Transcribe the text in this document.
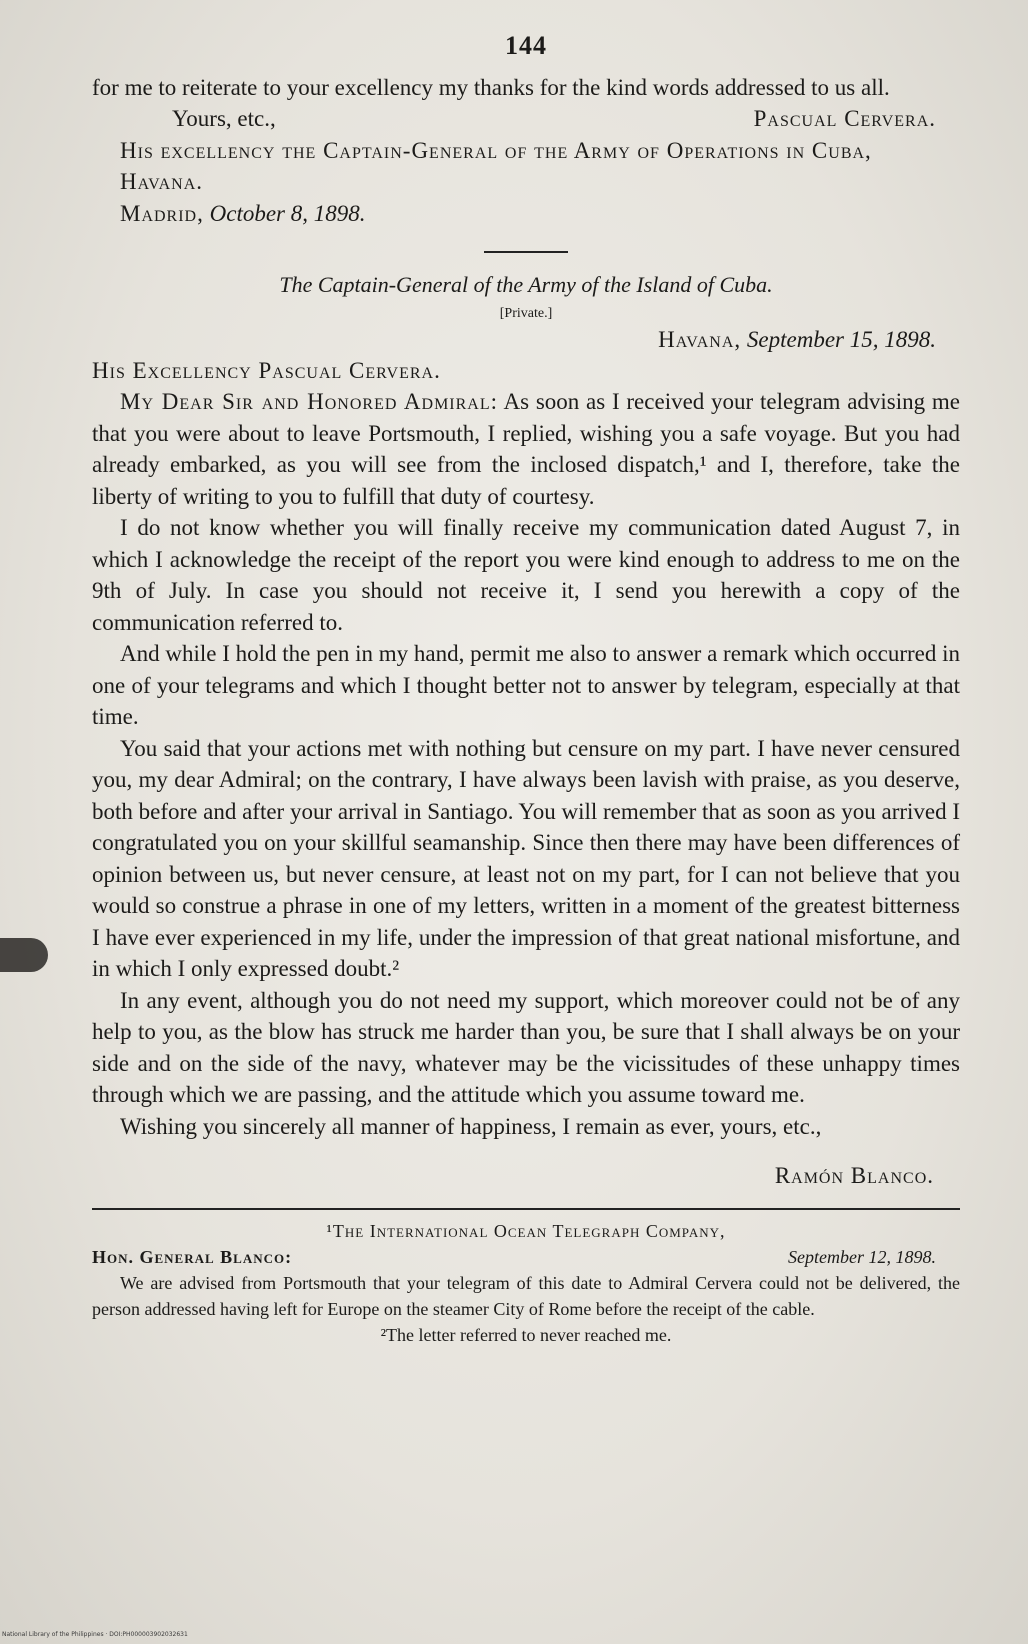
144

for me to reiterate to your excellency my thanks for the kind words addressed to us all.

Yours, etc.,	Pascual Cervera.

His excellency the Captain-General of the Army of Operations in Cuba, Havana.

Madrid, October 8, 1898.

The Captain-General of the Army of the Island of Cuba.
[Private.]
Havana, September 15, 1898.

His Excellency Pascual Cervera.

My Dear Sir and Honored Admiral: As soon as I received your telegram advising me that you were about to leave Portsmouth, I replied, wishing you a safe voyage. But you had already embarked, as you will see from the inclosed dispatch,¹ and I, therefore, take the liberty of writing to you to fulfill that duty of courtesy.

I do not know whether you will finally receive my communication dated August 7, in which I acknowledge the receipt of the report you were kind enough to address to me on the 9th of July. In case you should not receive it, I send you herewith a copy of the communication referred to.

And while I hold the pen in my hand, permit me also to answer a remark which occurred in one of your telegrams and which I thought better not to answer by telegram, especially at that time.

You said that your actions met with nothing but censure on my part. I have never censured you, my dear Admiral; on the contrary, I have always been lavish with praise, as you deserve, both before and after your arrival in Santiago. You will remember that as soon as you arrived I congratulated you on your skillful seamanship. Since then there may have been differences of opinion between us, but never censure, at least not on my part, for I can not believe that you would so construe a phrase in one of my letters, written in a moment of the greatest bitterness I have ever experienced in my life, under the impression of that great national misfortune, and in which I only expressed doubt.²

In any event, although you do not need my support, which moreover could not be of any help to you, as the blow has struck me harder than you, be sure that I shall always be on your side and on the side of the navy, whatever may be the vicissitudes of these unhappy times through which we are passing, and the attitude which you assume toward me.

Wishing you sincerely all manner of happiness, I remain as ever, yours, etc.,

Ramón Blanco.
¹The International Ocean Telegraph Company,
Hon. General Blanco:	September 12, 1898.

We are advised from Portsmouth that your telegram of this date to Admiral Cervera could not be delivered, the person addressed having left for Europe on the steamer City of Rome before the receipt of the cable.

²The letter referred to never reached me.
National Library of the Philippines · DOI:PH000003902032631
